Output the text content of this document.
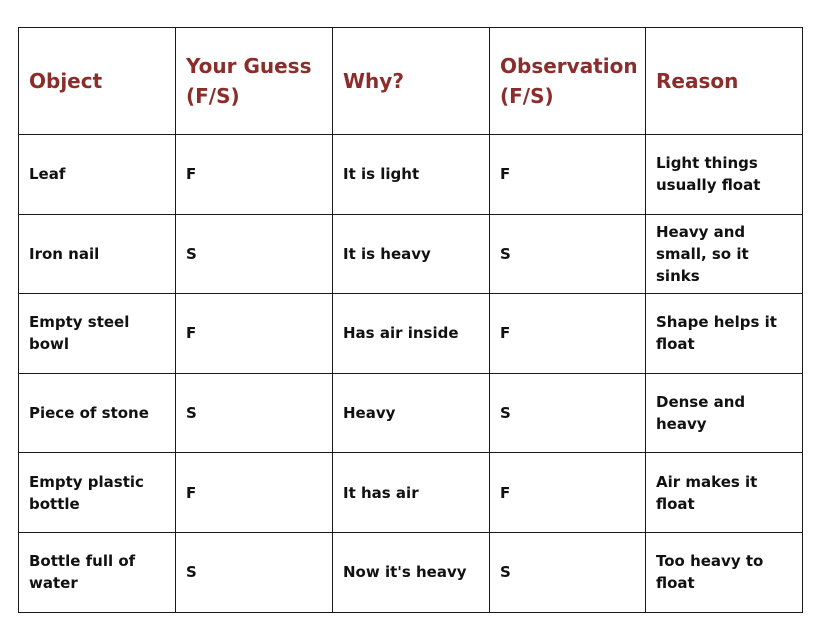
Object	Your Guess (F/S)	Why?	Observation (F/S)	Reason
Leaf	F	It is light	F	Light things usually float
Iron nail	S	It is heavy	S	Heavy and small, so it sinks
Empty steel bowl	F	Has air inside	F	Shape helps it float
Piece of stone	S	Heavy	S	Dense and heavy
Empty plastic bottle	F	It has air	F	Air makes it float
Bottle full of water	S	Now it's heavy	S	Too heavy to float
